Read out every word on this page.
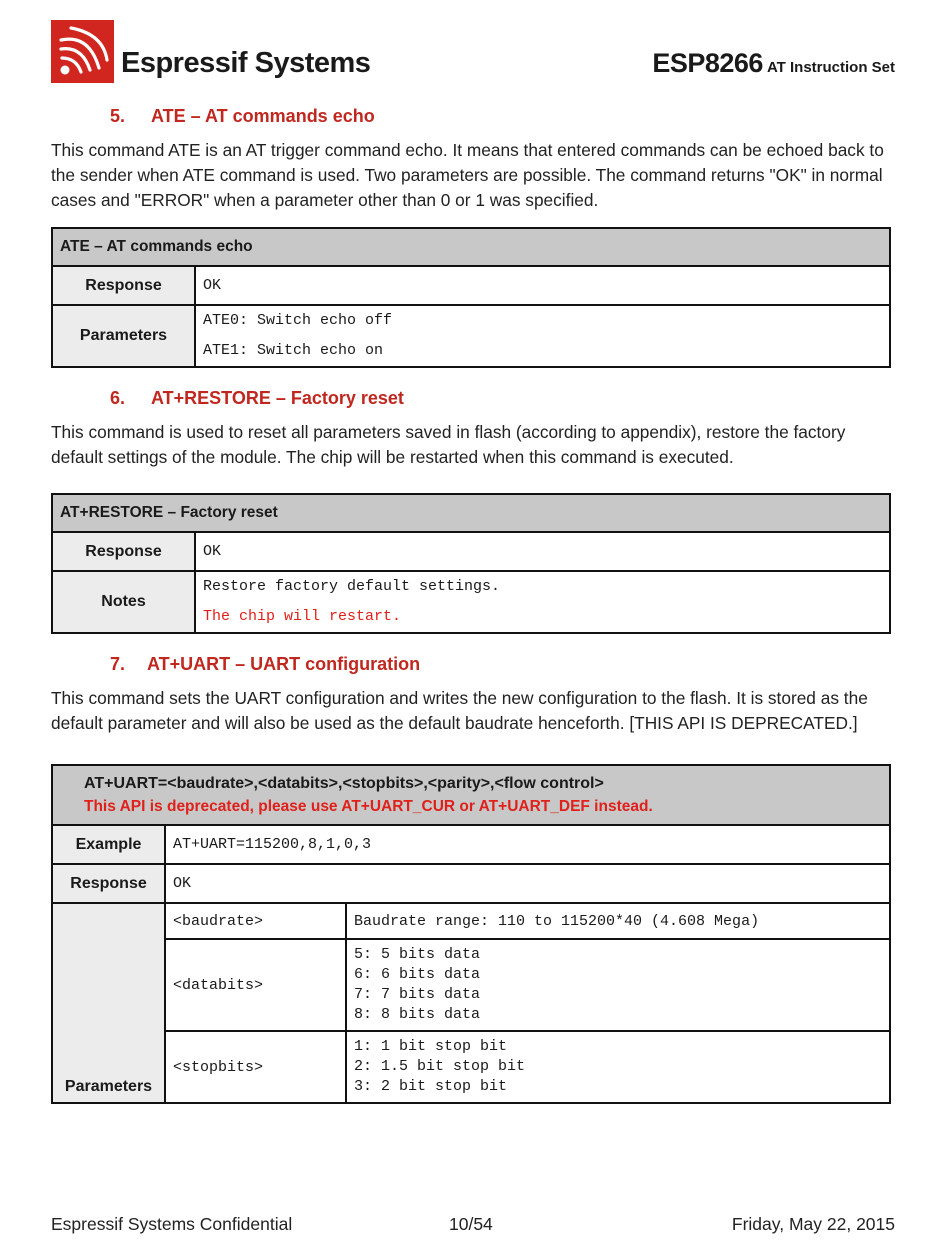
Espressif Systems	ESP8266 AT Instruction Set
5. ATE – AT commands echo
This command ATE is an AT trigger command echo. It means that entered commands can be echoed back to the sender when ATE command is used. Two parameters are possible. The command returns "OK" in normal cases and "ERROR" when a parameter other than 0 or 1 was specified.
ATE – AT commands echo	
Response	OK
Parameters	ATE0: Switch echo off
ATE1: Switch echo on
6. AT+RESTORE – Factory reset
This command is used to reset all parameters saved in flash (according to appendix), restore the factory default settings of the module. The chip will be restarted when this command is executed.
AT+RESTORE – Factory reset	
Response	OK
Notes	Restore factory default settings.
The chip will restart.
7. AT+UART – UART configuration
This command sets the UART configuration and writes the new configuration to the flash. It is stored as the default parameter and will also be used as the default baudrate henceforth. [THIS API IS DEPRECATED.]
AT+UART=<baudrate>,<databits>,<stopbits>,<parity>,<flow control>
This API is deprecated, please use AT+UART_CUR or AT+UART_DEF instead.		

Example	AT+UART=115200,8,1,0,3	
Response	OK	
Parameters	<baudrate>	Baudrate range: 110 to 115200*40 (4.608 Mega)
	<databits>	5: 5 bits data
6: 6 bits data
7: 7 bits data
8: 8 bits data

	<stopbits>	1: 1 bit stop bit
2: 1.5 bit stop bit
3: 2 bit stop bit
Espressif Systems Confidential	10/54	Friday, May 22, 2015
